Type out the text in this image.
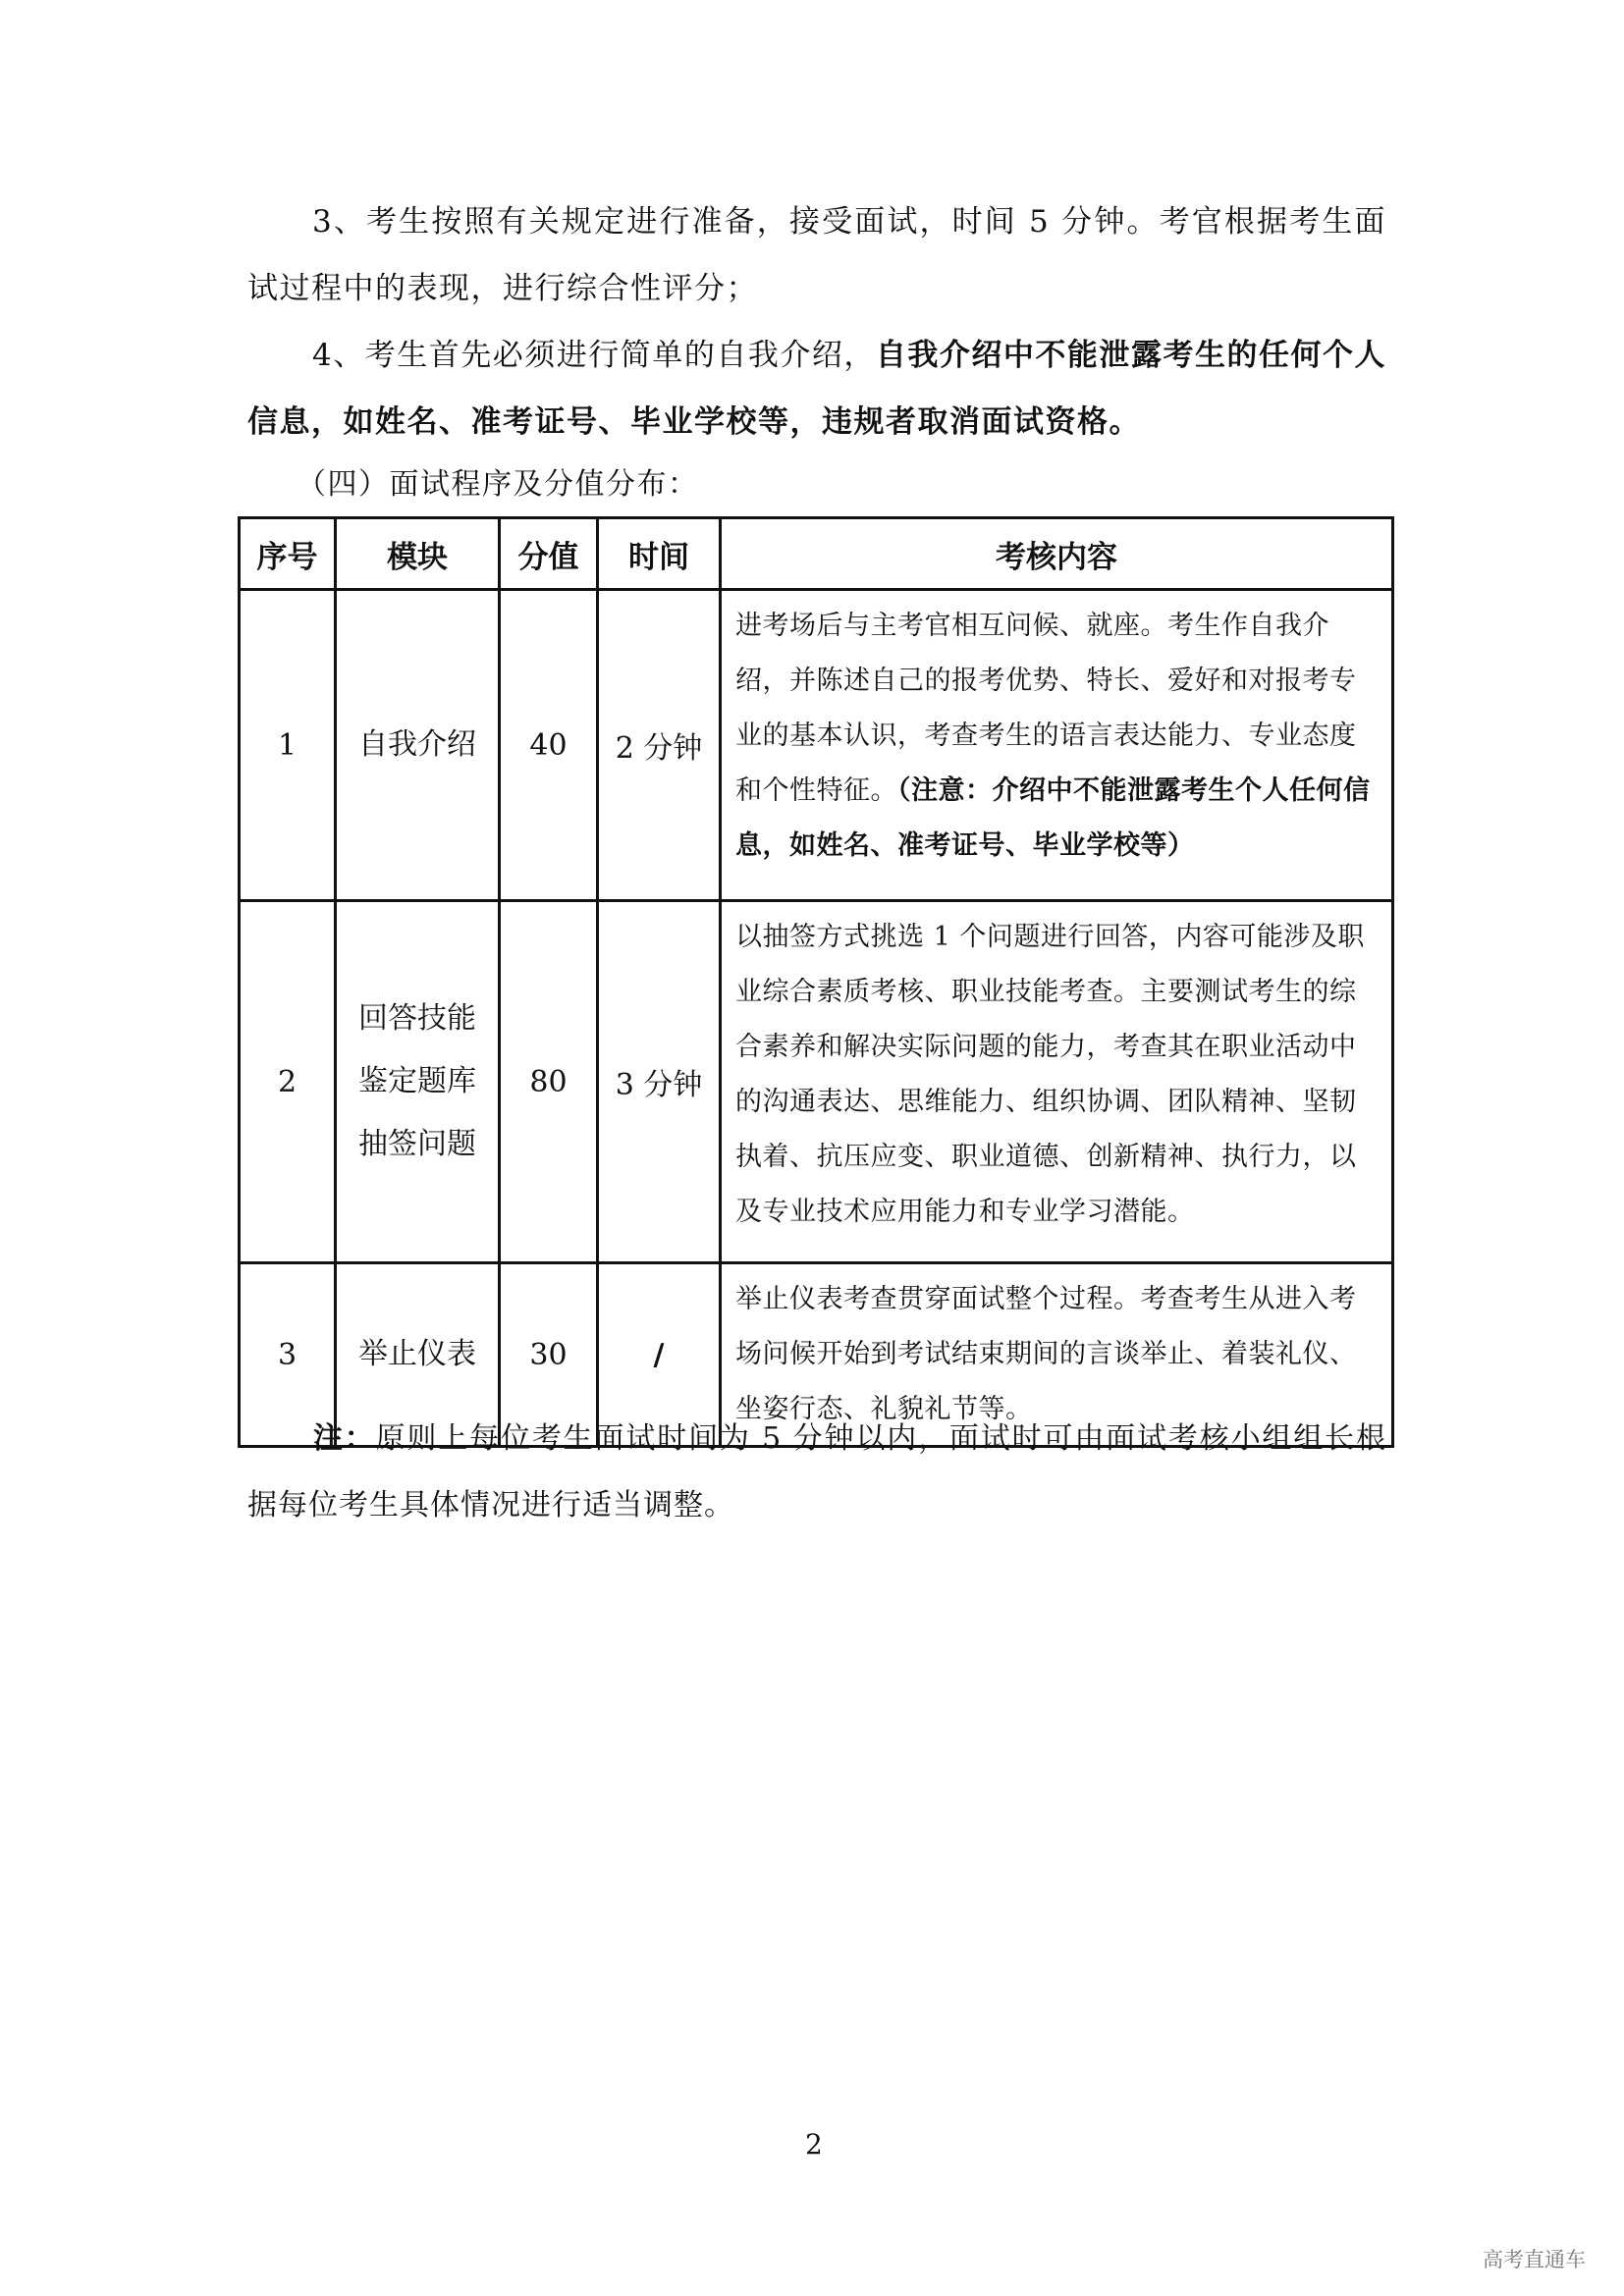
3、考生按照有关规定进行准备，接受面试，时间 5 分钟。考官根据考生面试过程中的表现，进行综合性评分；
4、考生首先必须进行简单的自我介绍，自我介绍中不能泄露考生的任何个人信息，如姓名、准考证号、毕业学校等，违规者取消面试资格。
（四）面试程序及分值分布：
序号	模块	分值	时间	考核内容
1	自我介绍	40	2 分钟	进考场后与主考官相互问候、就座。考生作自我介绍，并陈述自己的报考优势、特长、爱好和对报考专业的基本认识，考查考生的语言表达能力、专业态度和个性特征。（注意：介绍中不能泄露考生个人任何信息，如姓名、准考证号、毕业学校等）
2	回答技能
鉴定题库
抽签问题	80	3 分钟	以抽签方式挑选 1 个问题进行回答，内容可能涉及职业综合素质考核、职业技能考查。主要测试考生的综合素养和解决实际问题的能力，考查其在职业活动中的沟通表达、思维能力、组织协调、团队精神、坚韧执着、抗压应变、职业道德、创新精神、执行力，以及专业技术应用能力和专业学习潜能。
3	举止仪表	30	/	举止仪表考查贯穿面试整个过程。考查考生从进入考场问候开始到考试结束期间的言谈举止、着装礼仪、坐姿行态、礼貌礼节等。
注：原则上每位考生面试时间为 5 分钟以内，面试时可由面试考核小组组长根据每位考生具体情况进行适当调整。
2
高考直通车
